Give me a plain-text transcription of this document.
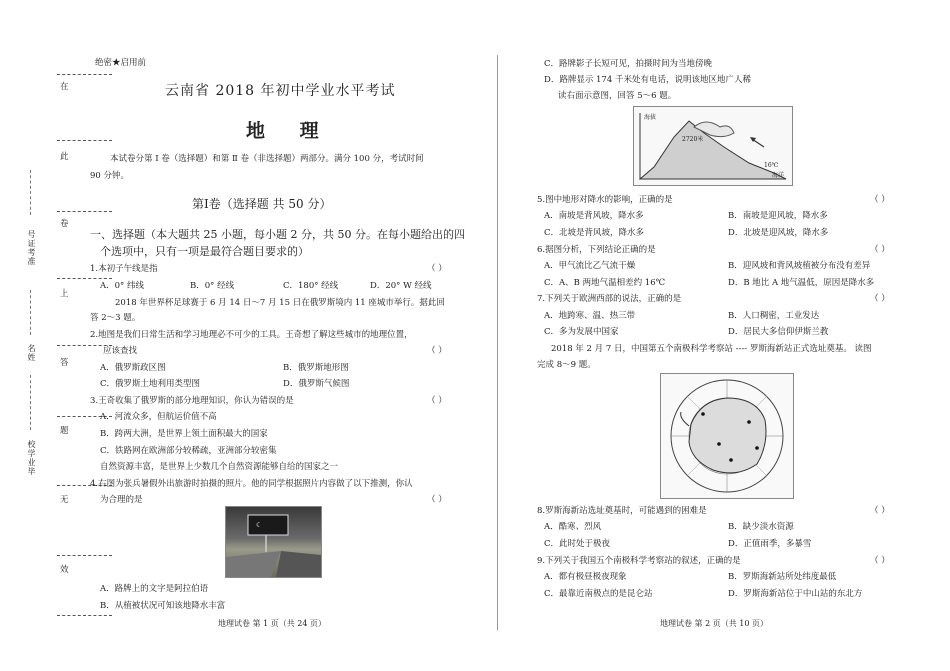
绝密★启用前
在
此
卷
上
答
题
无
效
号证考准
名姓
校学业毕
云南省 2018 年初中学业水平考试
地 理
本试卷分第 Ⅰ 卷（选择题）和第 Ⅱ 卷（非选择题）两部分。满分 100 分，考试时间
90 分钟。
第Ⅰ卷（选择题 共 50 分）
一、选择题（本大题共 25 小题，每小题 2 分，共 50 分。在每小题给出的四
个选项中，只有一项是最符合题目要求的）
1.本初子午线是指	（ ）
A．0° 纬线	B．0° 经线	C．180° 经线	D．20° W 经线
2018 年世界杯足球赛于 6 月 14 日～7 月 15 日在俄罗斯境内 11 座城市举行。据此回
答 2～3 题。
2.地图是我们日常生活和学习地理必不可少的工具。王奇想了解这些城市的地理位置，
应该查找	（ ）
A．俄罗斯政区图	B．俄罗斯地形图
C．俄罗斯土地利用类型图	D．俄罗斯气候图
3.王奇收集了俄罗斯的部分地理知识，你认为错误的是	（ ）
A．河流众多，但航运价值不高
B．跨两大洲，是世界上领土面积最大的国家
C．铁路网在欧洲部分较稀疏，亚洲部分较密集
自然资源丰富，是世界上少数几个自然资源能够自给的国家之一
4.右图为张兵暑假外出旅游时拍摄的照片。他的同学根据照片内容做了以下推测，你认
为合理的是	（ ）
☾
A．路牌上的文字是阿拉伯语
B．从植被状况可知该地降水丰富
地理试卷 第 1 页（共 24 页）
C．路牌影子长短可见，拍摄时间为当地傍晚
D．路牌显示 174 千米处有电话，说明该地区地广人稀
读右面示意图，回答 5～6 题。
海拔
2720米
16℃
海洋
5.图中地形对降水的影响，正确的是	（ ）
A．南坡是背风坡，降水多	B．南坡是迎风坡，降水多
C．北坡是背风坡，降水多	D．北坡是迎风坡，降水多
6.据图分析，下列结论正确的是	（ ）
A．甲气流比乙气流干燥	B．迎风坡和背风坡植被分布没有差异
C．A、B 两地气温相差约 16℃	D．B 地比 A 地气温低，原因是降水多
7.下列关于欧洲西部的说法，正确的是	（ ）
A．地跨寒、温、热三带	B．人口稠密，工业发达
C．多为发展中国家	D．居民大多信仰伊斯兰教
2018 年 2 月 7 日，中国第五个南极科学考察站 ---- 罗斯海新站正式选址奠基。 读图
完成 8～9 题。
8.罗斯海新站选址奠基时，可能遇到的困难是	（ ）
A．酷寒、烈风	B．缺少淡水资源
C．此时处于极夜	D．正值雨季，多暴雪
9.下列关于我国五个南极科学考察站的叙述，正确的是	（ ）
A．都有极昼极夜现象	B．罗斯海新站所处纬度最低
C．最靠近南极点的是昆仑站	D．罗斯海新站位于中山站的东北方
地理试卷 第 2 页（共 10 页）
